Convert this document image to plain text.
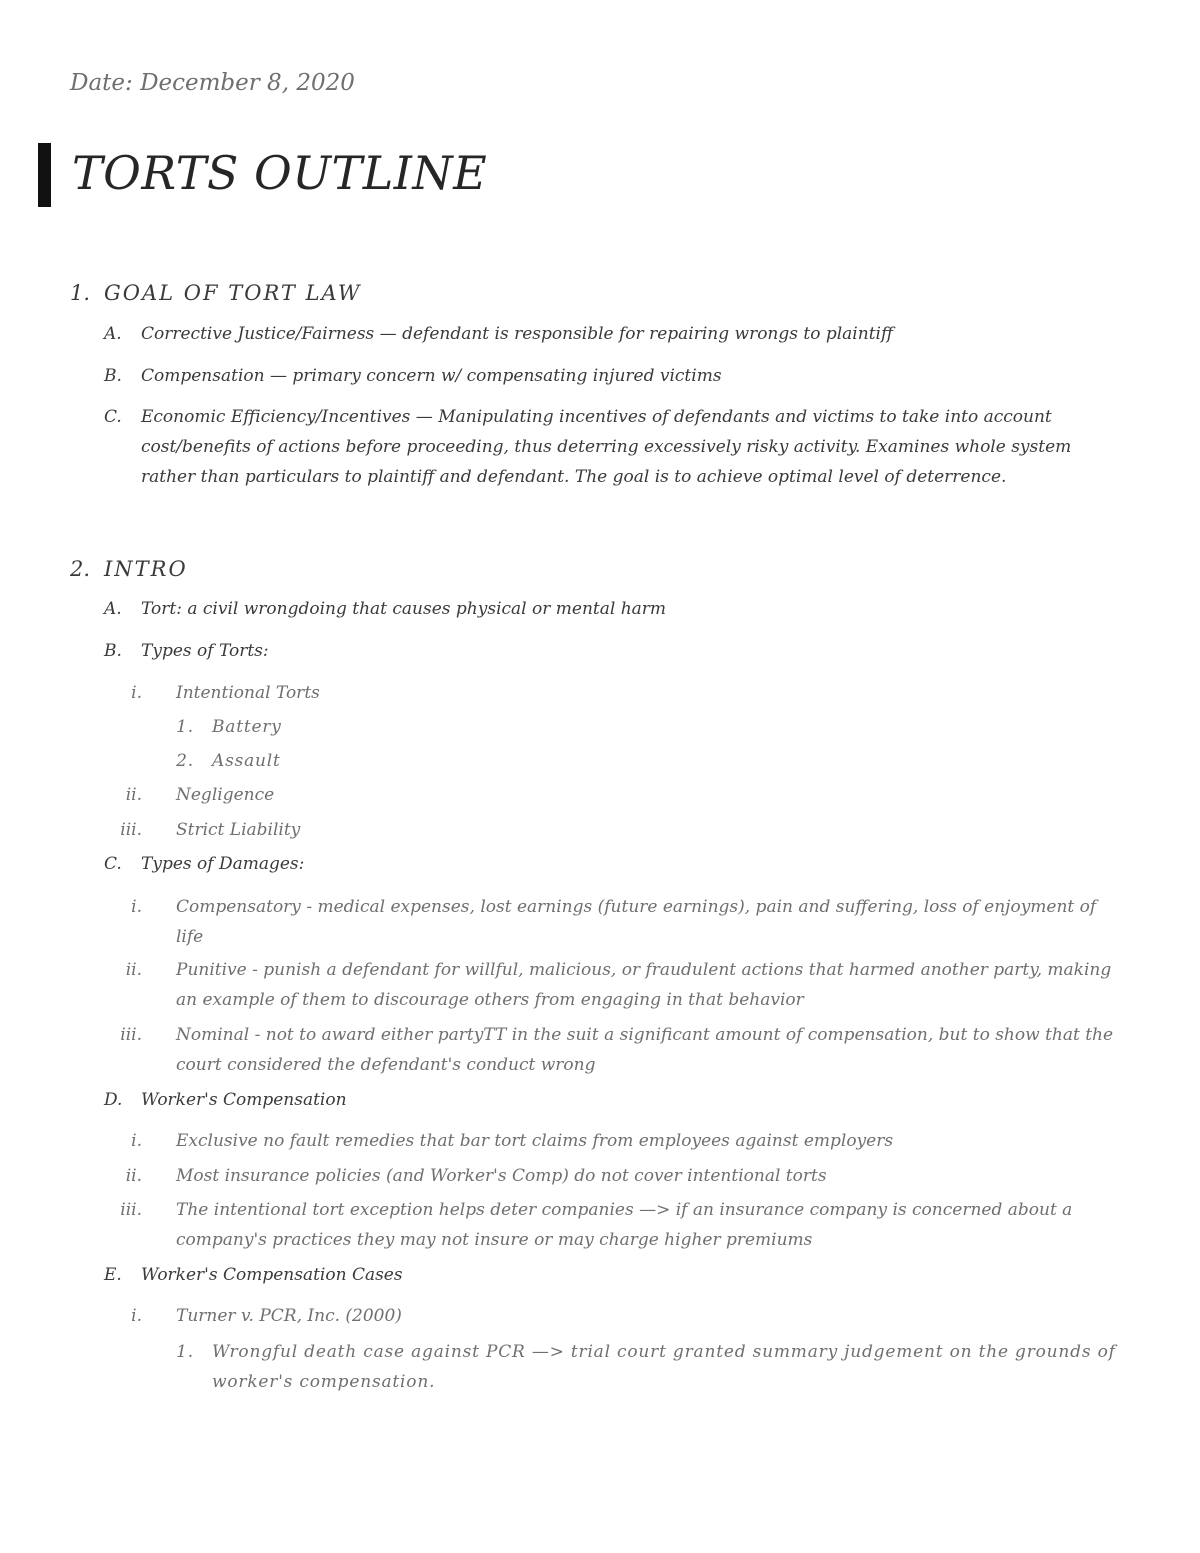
Date: December 8, 2020
TORTS OUTLINE
1. GOAL OF TORT LAW
A.	Corrective Justice/Fairness — defendant is responsible for repairing wrongs to plaintiff
B.	Compensation — primary concern w/ compensating injured victims
C.	Economic Efficiency/Incentives — Manipulating incentives of defendants and victims to take into account cost/benefits of actions before proceeding, thus deterring excessively risky activity. Examines whole system rather than particulars to plaintiff and defendant. The goal is to achieve optimal level of deterrence.
2. INTRO
A.	Tort: a civil wrongdoing that causes physical or mental harm
B.	Types of Torts:
i. Intentional Torts
1.	Battery
2.	Assault
ii. Negligence
iii. Strict Liability
C.	Types of Damages:
i. Compensatory - medical expenses, lost earnings (future earnings), pain and suffering, loss of enjoyment of life
ii. Punitive - punish a defendant for willful, malicious, or fraudulent actions that harmed another party, making an example of them to discourage others from engaging in that behavior
iii. Nominal - not to award either partyTT in the suit a significant amount of compensation, but to show that the court considered the defendant's conduct wrong
D.	Worker's Compensation
i. Exclusive no fault remedies that bar tort claims from employees against employers
ii. Most insurance policies (and Worker's Comp) do not cover intentional torts
iii. The intentional tort exception helps deter companies —> if an insurance company is concerned about a company's practices they may not insure or may charge higher premiums
E.	Worker's Compensation Cases
i. Turner v. PCR, Inc. (2000)
1.	Wrongful death case against PCR —> trial court granted summary judgement on the grounds of worker's compensation.
